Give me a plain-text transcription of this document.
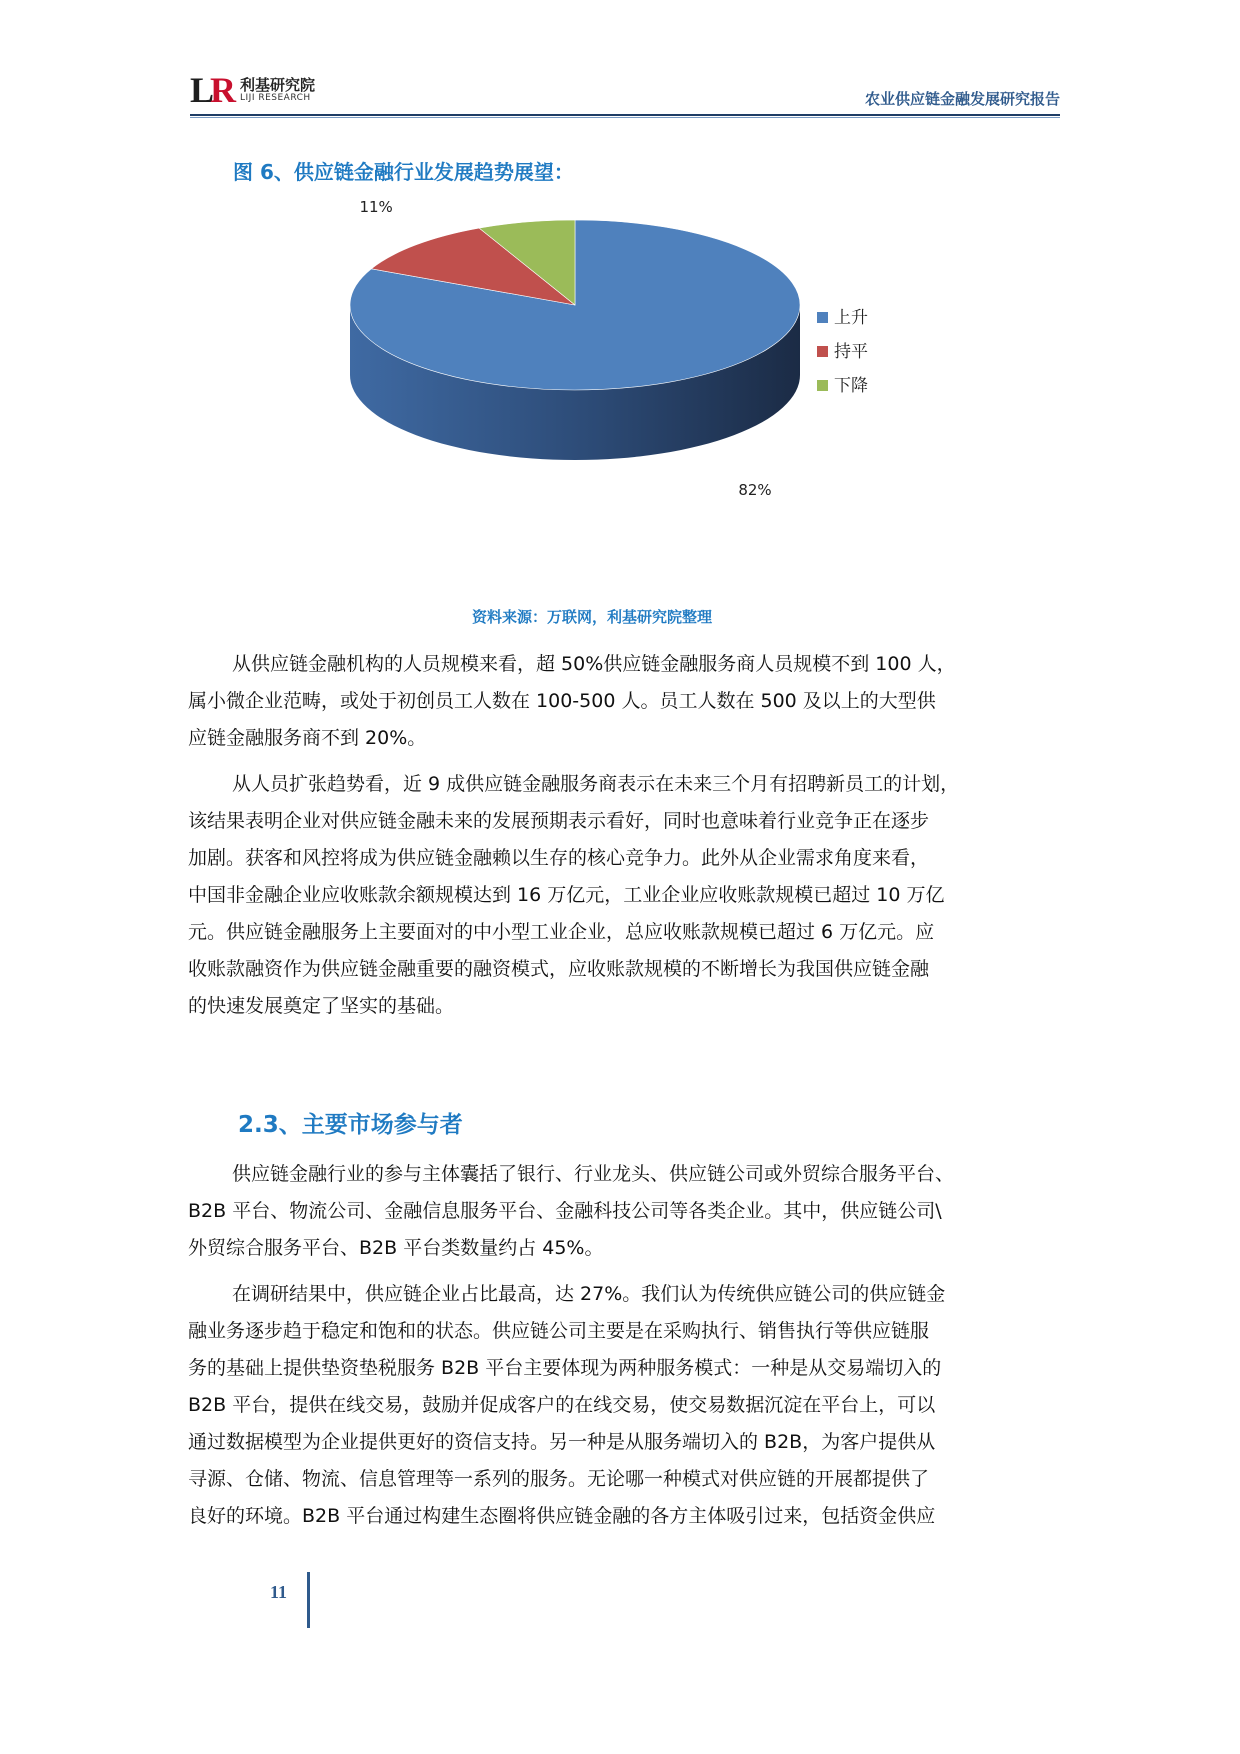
LR 利基研究院
LIJI RESEARCH	农业供应链金融发展研究报告
图 6、供应链金融行业发展趋势展望：
82%
11%
上升
持平
下降
资料来源：万联网，利基研究院整理

从供应链金融机构的人员规模来看，超 50%供应链金融服务商人员规模不到 100 人，
属小微企业范畴，或处于初创员工人数在 100-500 人。员工人数在 500 及以上的大型供
应链金融服务商不到 20%。

从人员扩张趋势看，近 9 成供应链金融服务商表示在未来三个月有招聘新员工的计划，
该结果表明企业对供应链金融未来的发展预期表示看好，同时也意味着行业竞争正在逐步
加剧。获客和风控将成为供应链金融赖以生存的核心竞争力。此外从企业需求角度来看，
中国非金融企业应收账款余额规模达到 16 万亿元，工业企业应收账款规模已超过 10 万亿
元。供应链金融服务上主要面对的中小型工业企业，总应收账款规模已超过 6 万亿元。应
收账款融资作为供应链金融重要的融资模式，应收账款规模的不断增长为我国供应链金融
的快速发展奠定了坚实的基础。

2.3、主要市场参与者

供应链金融行业的参与主体囊括了银行、行业龙头、供应链公司或外贸综合服务平台、
B2B 平台、物流公司、金融信息服务平台、金融科技公司等各类企业。其中，供应链公司\
外贸综合服务平台、B2B 平台类数量约占 45%。

在调研结果中，供应链企业占比最高，达 27%。我们认为传统供应链公司的供应链金
融业务逐步趋于稳定和饱和的状态。供应链公司主要是在采购执行、销售执行等供应链服
务的基础上提供垫资垫税服务 B2B 平台主要体现为两种服务模式：一种是从交易端切入的
B2B 平台，提供在线交易，鼓励并促成客户的在线交易，使交易数据沉淀在平台上，可以
通过数据模型为企业提供更好的资信支持。另一种是从服务端切入的 B2B，为客户提供从
寻源、仓储、物流、信息管理等一系列的服务。无论哪一种模式对供应链的开展都提供了
良好的环境。B2B 平台通过构建生态圈将供应链金融的各方主体吸引过来，包括资金供应

11
